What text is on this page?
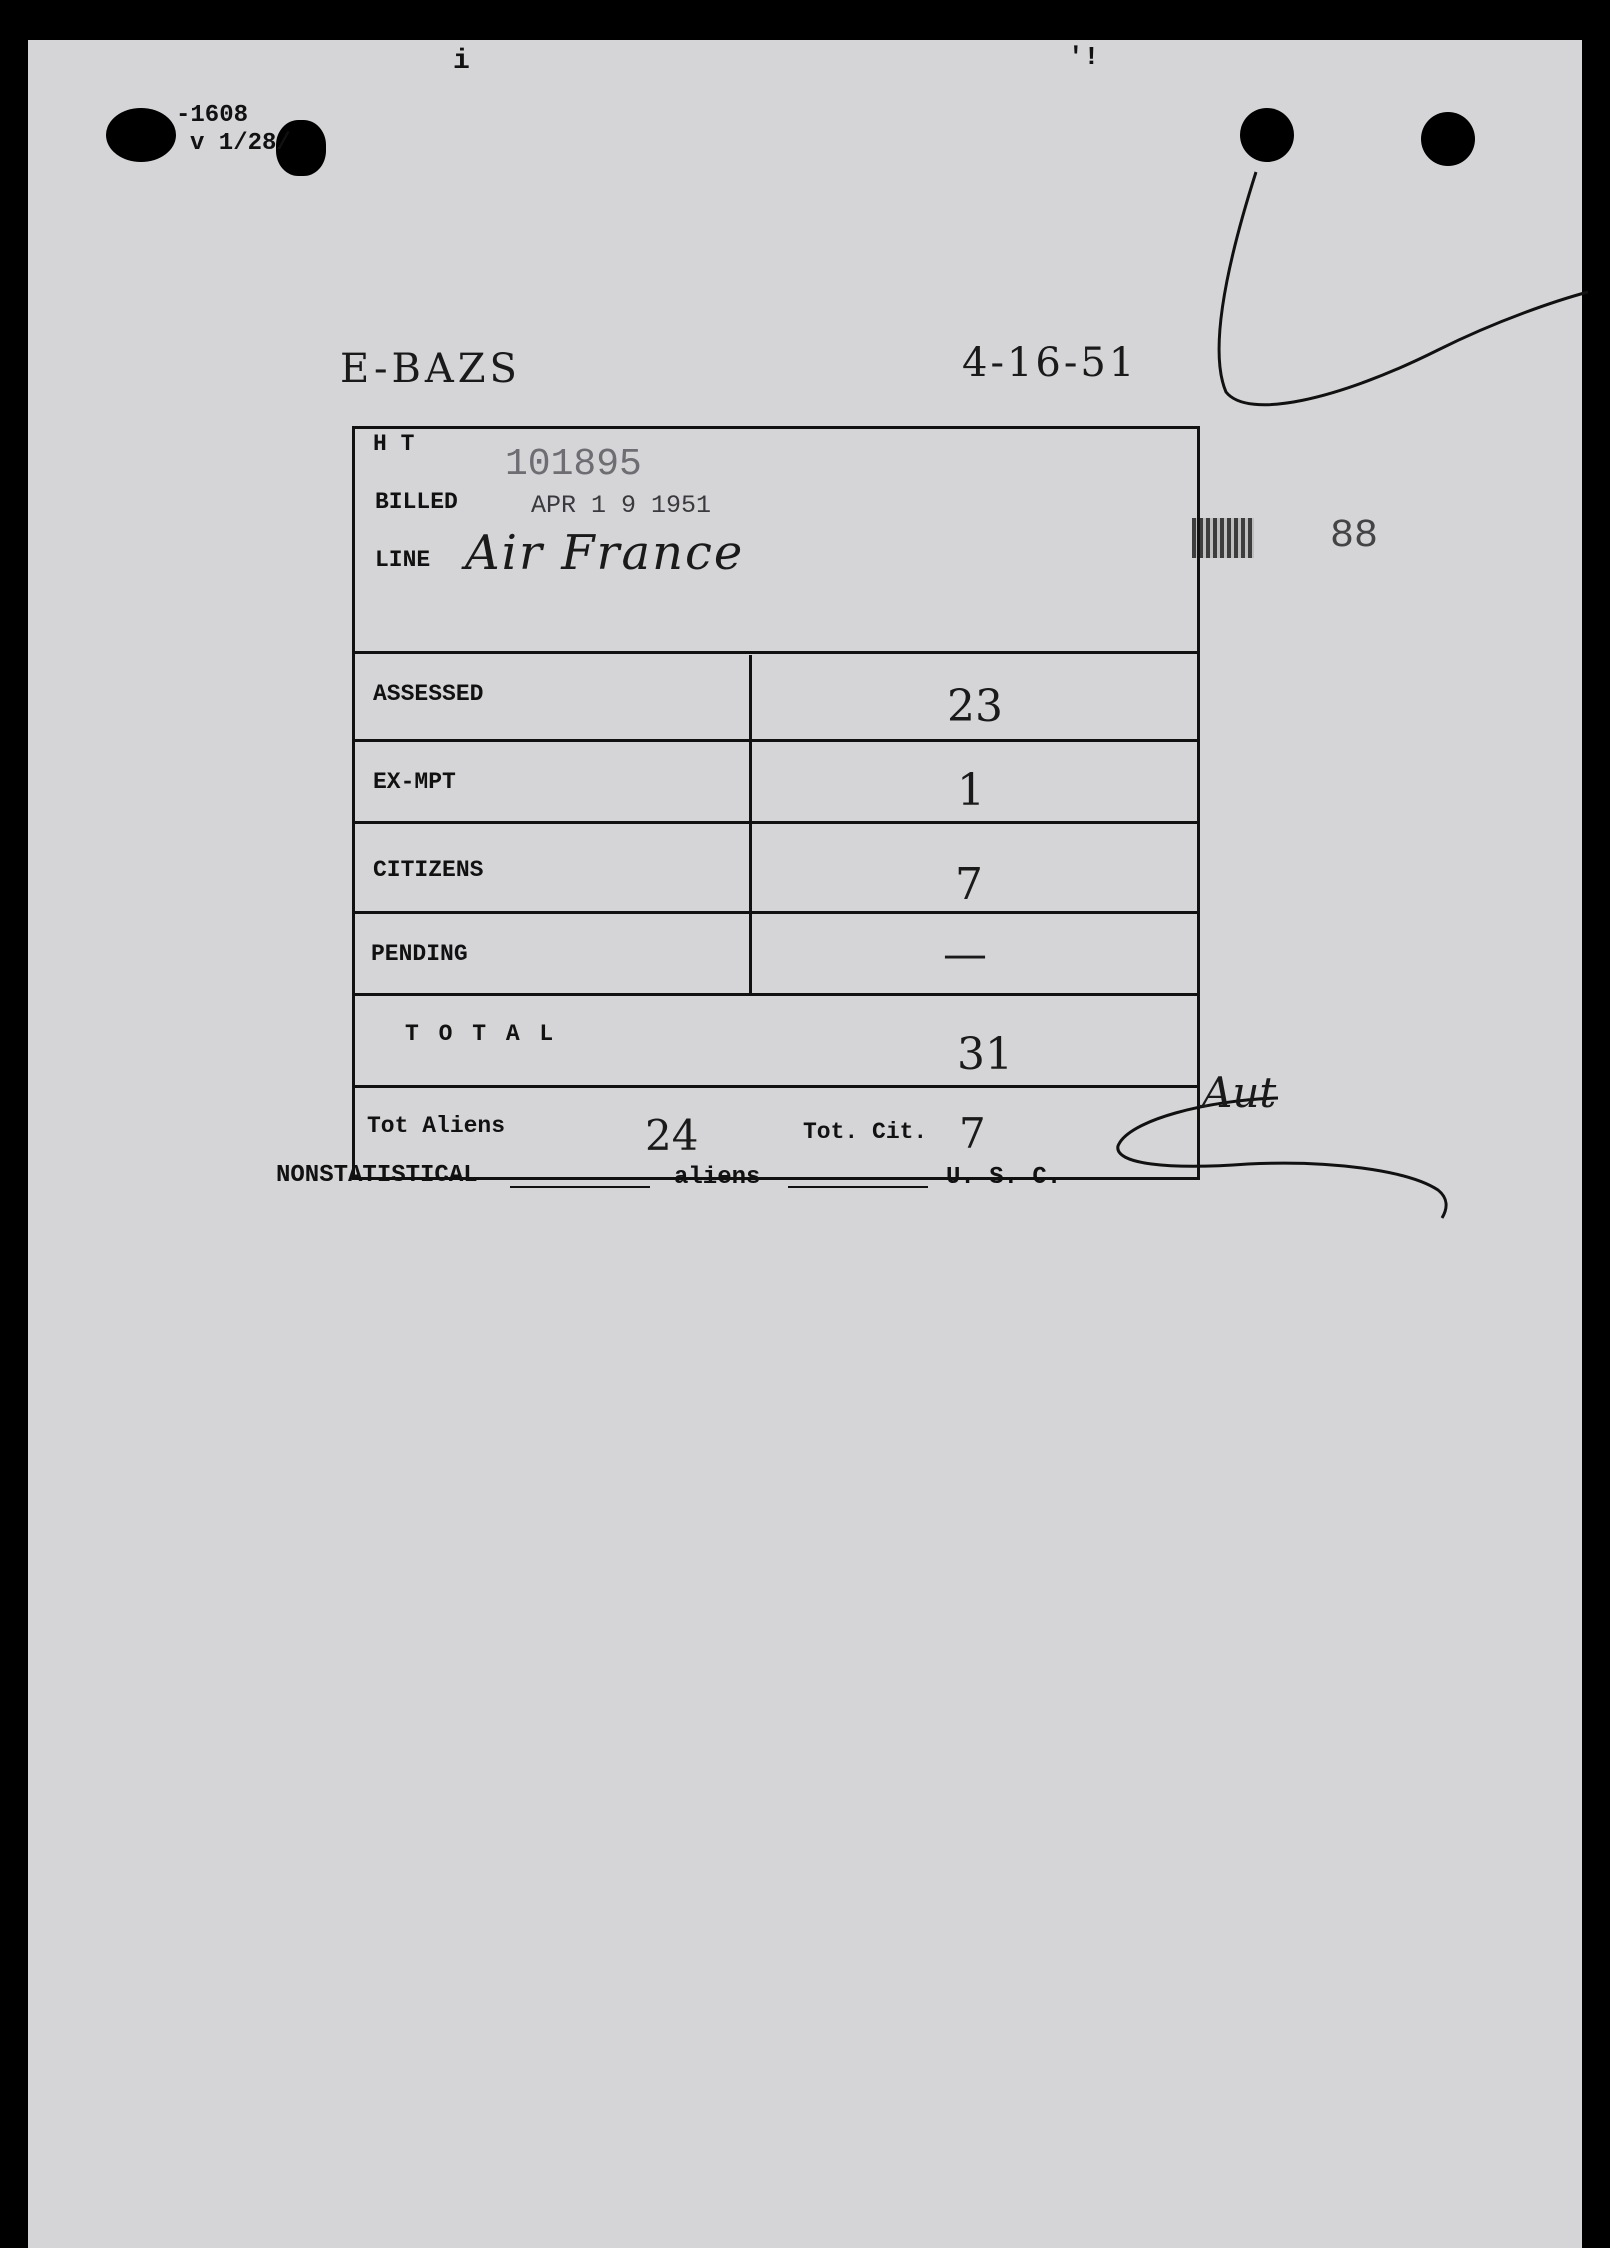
-1608
v 1/28/
i	'!
E-BAZS	4-16-51
88
H T 101895
BILLED	APR 1 9 1951
LINE Air France
ASSESSED	23
EX-MPT	1
CITIZENS	7
PENDING	—
T O T A L	31
Tot Aliens	24	Tot. Cit. 7
Aut
NONSTATISTICAL	aliens	U. S. C.
